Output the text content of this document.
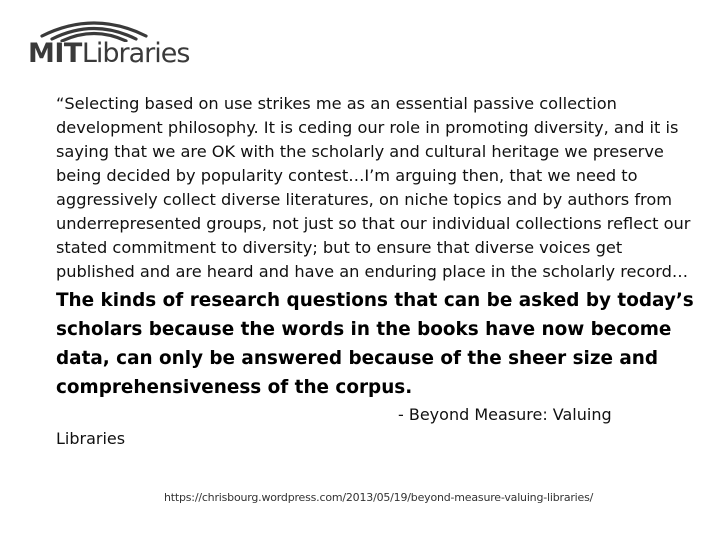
MITLibraries

“Selecting based on use strikes me as an essential passive collection development philosophy. It is ceding our role in promoting diversity, and it is saying that we are OK with the scholarly and cultural heritage we preserve being decided by popularity contest…I’m arguing then, that we need to aggressively collect diverse literatures, on niche topics and by authors from underrepresented groups, not just so that our individual collections reflect our stated commitment to diversity; but to ensure that diverse voices get published and are heard and have an enduring place in the scholarly record…

The kinds of research questions that can be asked by today’s scholars because the words in the books have now become data, can only be answered because of the sheer size and comprehensiveness of the corpus.

- Beyond Measure: Valuing
Libraries
https://chrisbourg.wordpress.com/2013/05/19/beyond-measure-valuing-libraries/
